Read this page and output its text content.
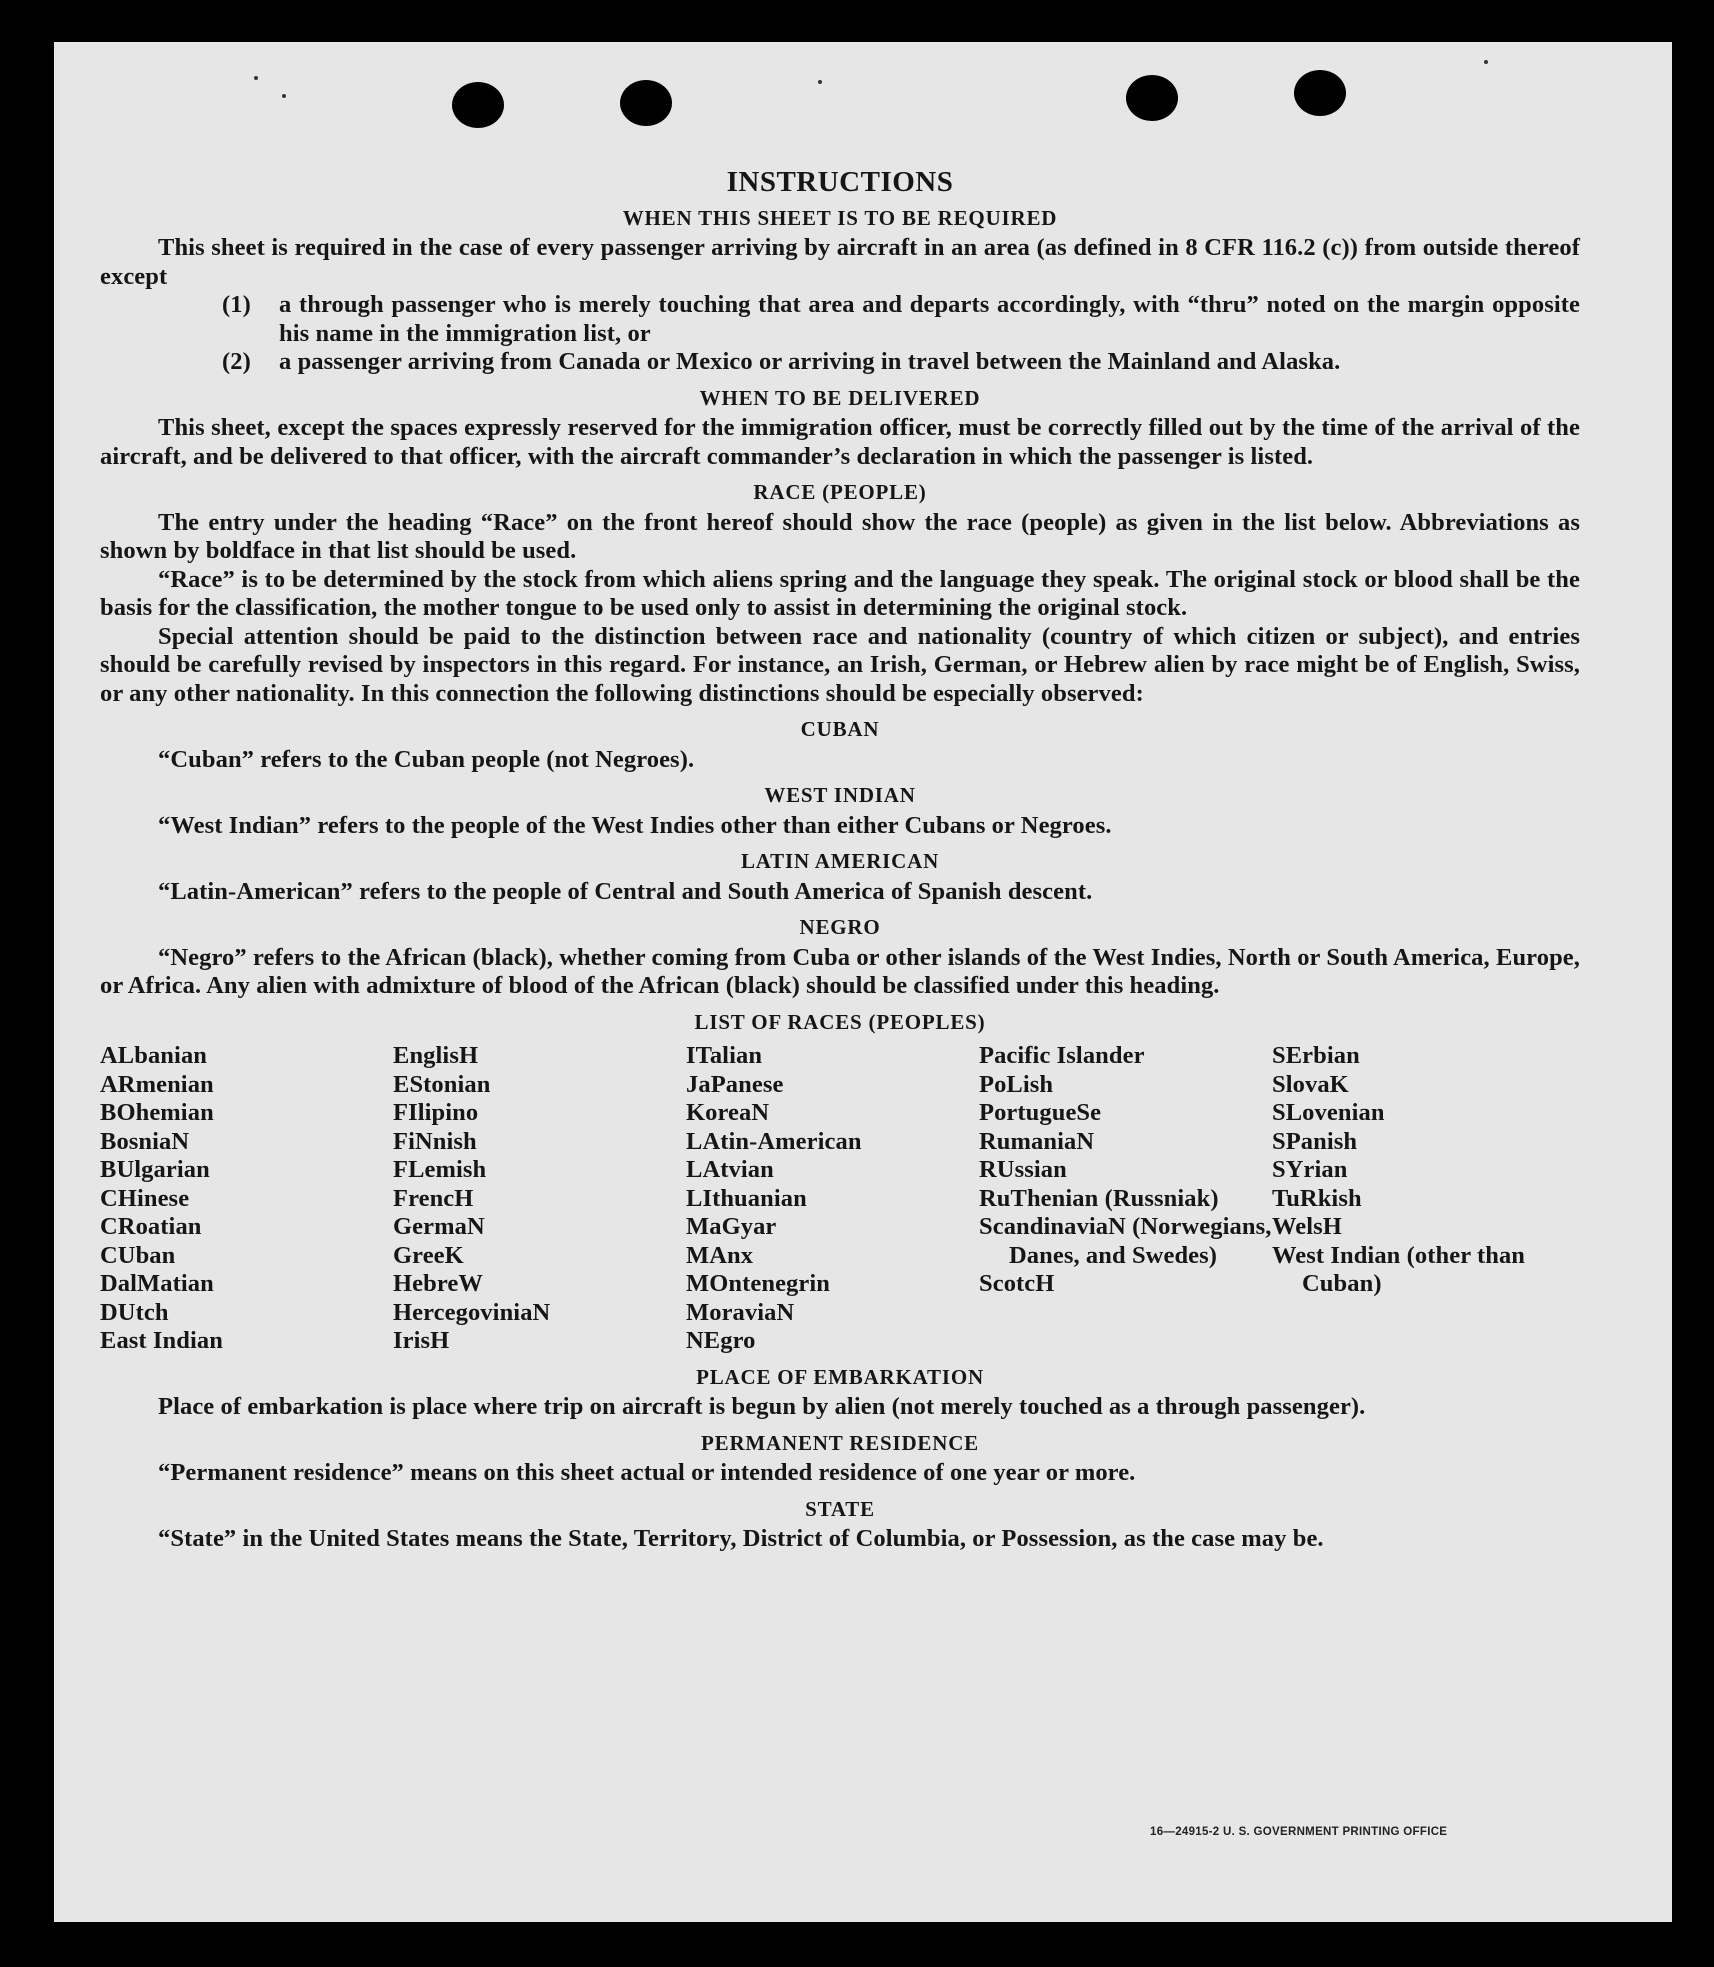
INSTRUCTIONS
WHEN THIS SHEET IS TO BE REQUIRED

This sheet is required in the case of every passenger arriving by aircraft in an area (as defined in 8 CFR 116.2 (c)) from outside thereof except

(1)	a through passenger who is merely touching that area and departs accordingly, with “thru” noted on the margin opposite his name in the immigration list, or
(2)	a passenger arriving from Canada or Mexico or arriving in travel between the Mainland and Alaska.
WHEN TO BE DELIVERED

This sheet, except the spaces expressly reserved for the immigration officer, must be correctly filled out by the time of the arrival of the aircraft, and be delivered to that officer, with the aircraft commander’s declaration in which the passenger is listed.

RACE (PEOPLE)

The entry under the heading “Race” on the front hereof should show the race (people) as given in the list below. Abbreviations as shown by boldface in that list should be used.

“Race” is to be determined by the stock from which aliens spring and the language they speak. The original stock or blood shall be the basis for the classification, the mother tongue to be used only to assist in determining the original stock.

Special attention should be paid to the distinction between race and nationality (country of which citizen or subject), and entries should be carefully revised by inspectors in this regard. For instance, an Irish, German, or Hebrew alien by race might be of English, Swiss, or any other nationality. In this connection the following distinctions should be especially observed:

CUBAN

“Cuban” refers to the Cuban people (not Negroes).

WEST INDIAN

“West Indian” refers to the people of the West Indies other than either Cubans or Negroes.

LATIN AMERICAN

“Latin-American” refers to the people of Central and South America of Spanish descent.

NEGRO

“Negro” refers to the African (black), whether coming from Cuba or other islands of the West Indies, North or South America, Europe, or Africa. Any alien with admixture of blood of the African (black) should be classified under this heading.

LIST OF RACES (PEOPLES)
ALbanian
ARmenian
BOhemian
BosniaN
BUlgarian
CHinese
CRoatian
CUban
DalMatian
DUtch
East Indian
EnglisH
EStonian
FIlipino
FiNnish
FLemish
FrencH
GermaN
GreeK
HebreW
HercegoviniaN
IrisH
ITalian
JaPanese
KoreaN
LAtin-American
LAtvian
LIthuanian
MaGyar
MAnx
MOntenegrin
MoraviaN
NEgro
Pacific Islander
PoLish
PortugueSe
RumaniaN
RUssian
RuThenian (Russniak)
ScandinaviaN (Norwegians, Danes, and Swedes)
ScotcH
SErbian
SlovaK
SLovenian
SPanish
SYrian
TuRkish
WelsH
West Indian (other than Cuban)
PLACE OF EMBARKATION

Place of embarkation is place where trip on aircraft is begun by alien (not merely touched as a through passenger).

PERMANENT RESIDENCE

“Permanent residence” means on this sheet actual or intended residence of one year or more.

STATE

“State” in the United States means the State, Territory, District of Columbia, or Possession, as the case may be.

16—24915-2 U. S. GOVERNMENT PRINTING OFFICE
